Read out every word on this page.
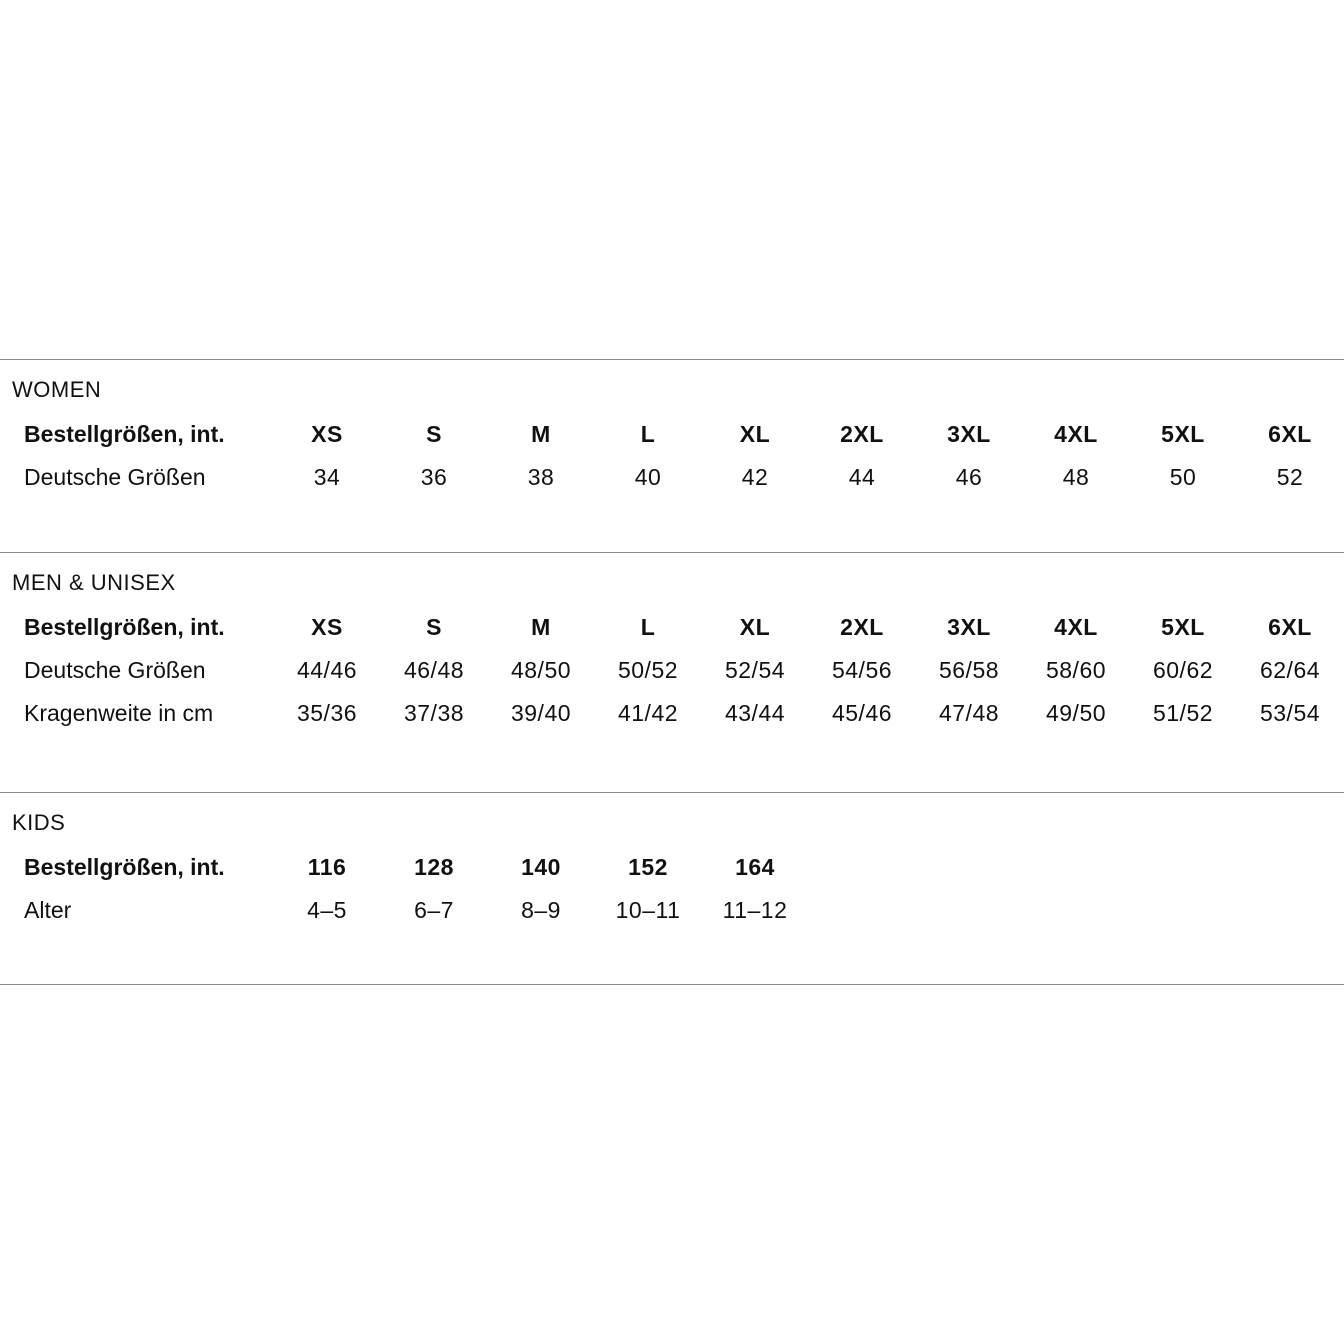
WOMEN
Bestellgrößen, int.	XS	S	M	L	XL	2XL	3XL	4XL	5XL	6XL
Deutsche Größen	34	36	38	40	42	44	46	48	50	52
MEN & UNISEX
Bestellgrößen, int.	XS	S	M	L	XL	2XL	3XL	4XL	5XL	6XL
Deutsche Größen	44/46	46/48	48/50	50/52	52/54	54/56	56/58	58/60	60/62	62/64
Kragenweite in cm	35/36	37/38	39/40	41/42	43/44	45/46	47/48	49/50	51/52	53/54
KIDS
Bestellgrößen, int.	116	128	140	152	164
Alter	4–5	6–7	8–9	10–11	11–12
